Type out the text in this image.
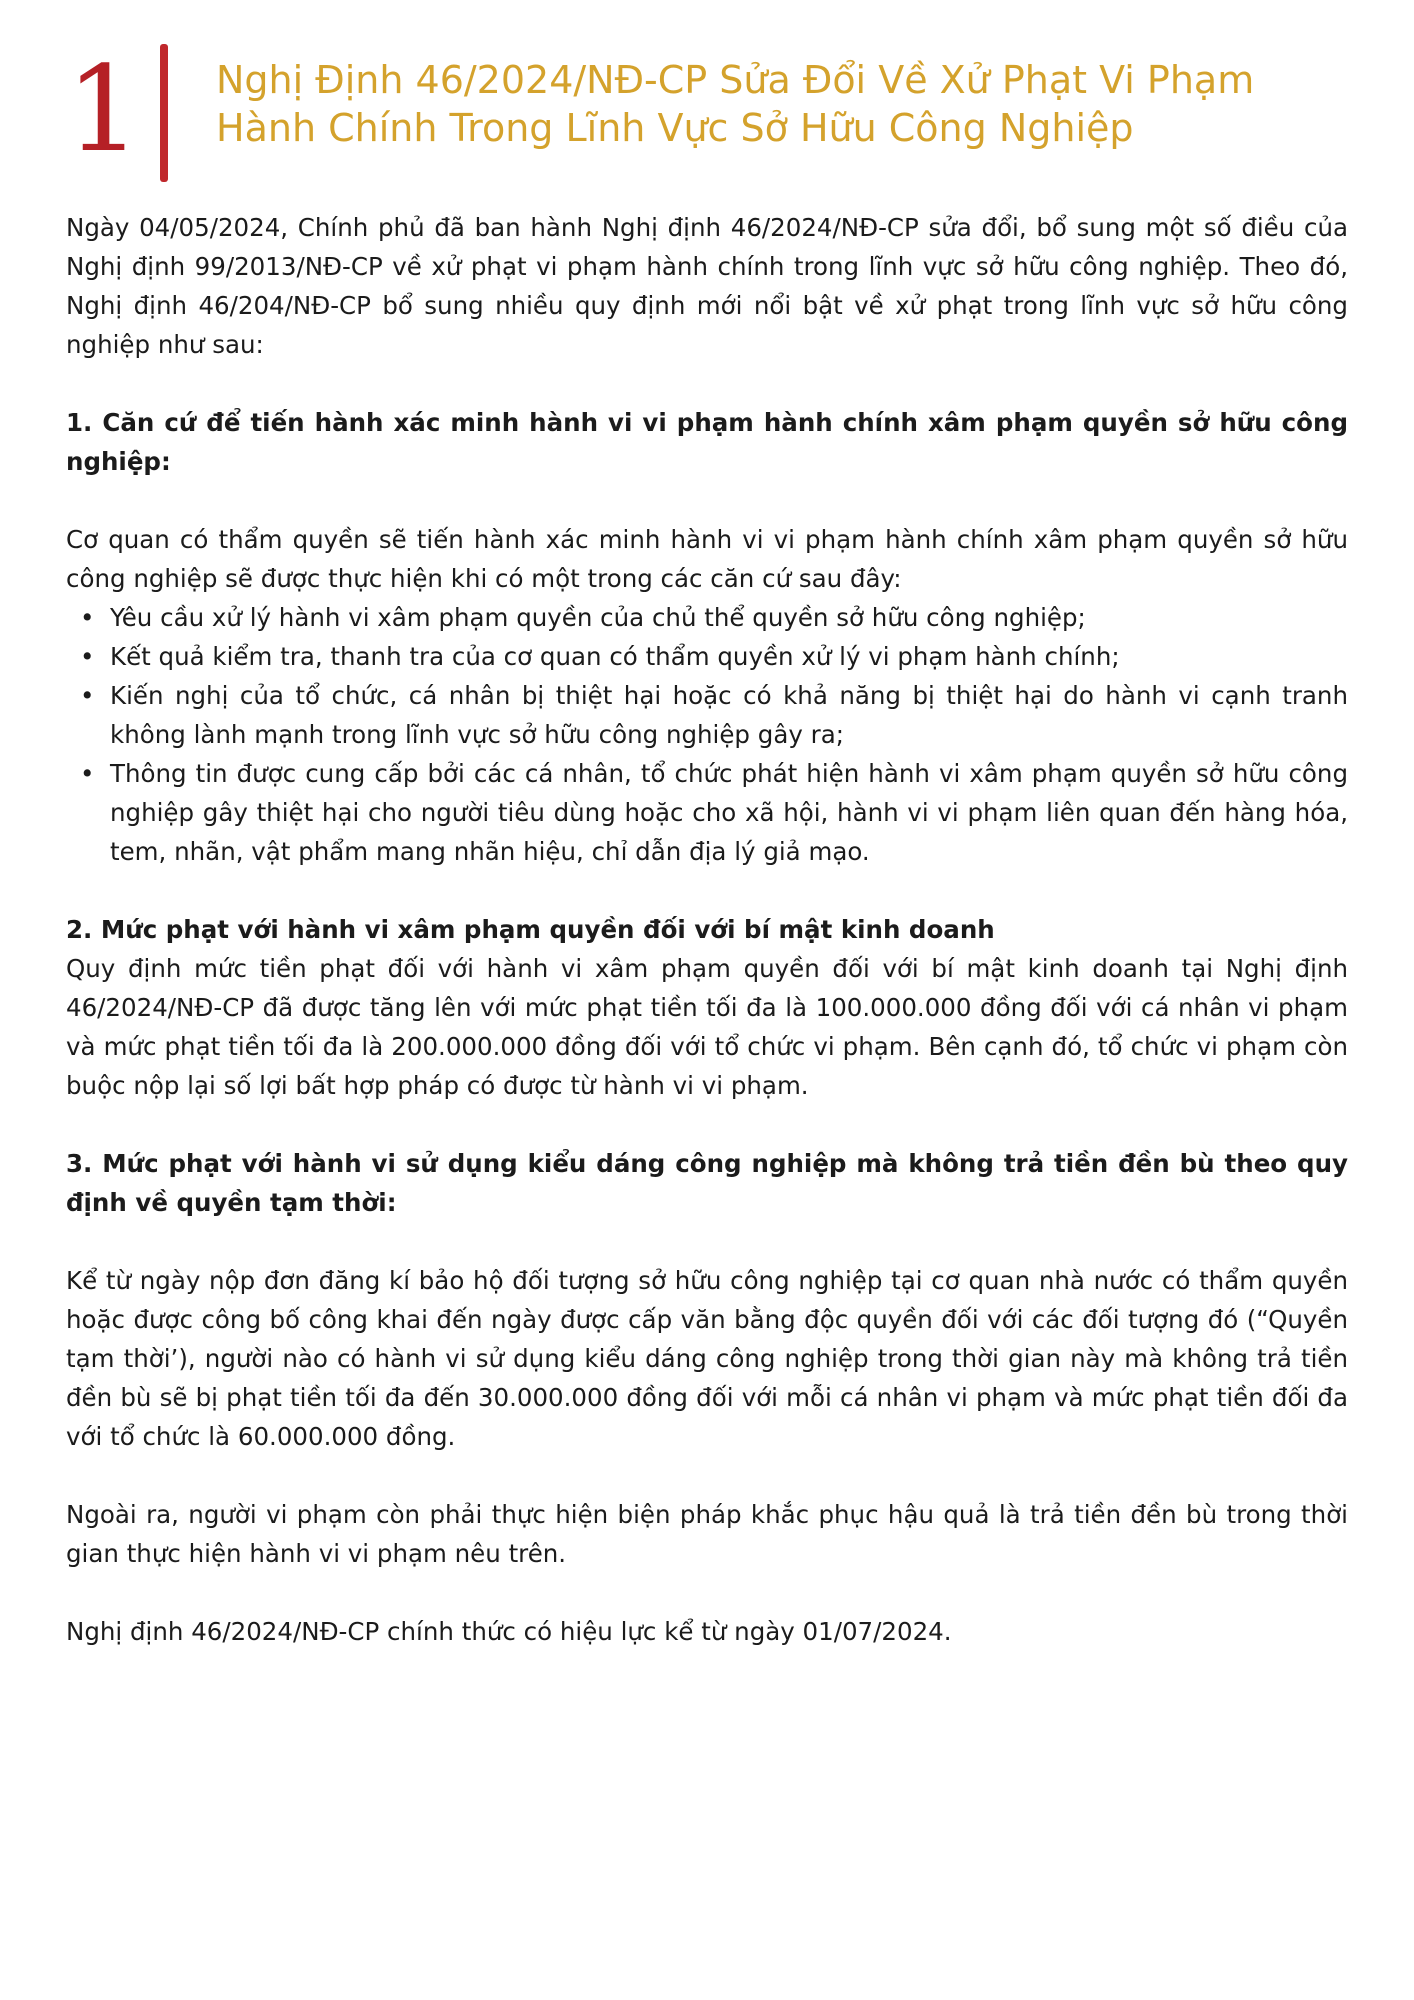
1 Nghị Định 46/2024/NĐ-CP Sửa Đổi Về Xử Phạt Vi Phạm
Hành Chính Trong Lĩnh Vực Sở Hữu Công Nghiệp

Ngày 04/05/2024, Chính phủ đã ban hành Nghị định 46/2024/NĐ-CP sửa đổi, bổ sung một số điều của Nghị định 99/2013/NĐ-CP về xử phạt vi phạm hành chính trong lĩnh vực sở hữu công nghiệp. Theo đó, Nghị định 46/204/NĐ-CP bổ sung nhiều quy định mới nổi bật về xử phạt trong lĩnh vực sở hữu công nghiệp như sau:

1. Căn cứ để tiến hành xác minh hành vi vi phạm hành chính xâm phạm quyền sở hữu công nghiệp:

Cơ quan có thẩm quyền sẽ tiến hành xác minh hành vi vi phạm hành chính xâm phạm quyền sở hữu công nghiệp sẽ được thực hiện khi có một trong các căn cứ sau đây:

• Yêu cầu xử lý hành vi xâm phạm quyền của chủ thể quyền sở hữu công nghiệp;
• Kết quả kiểm tra, thanh tra của cơ quan có thẩm quyền xử lý vi phạm hành chính;
• Kiến nghị của tổ chức, cá nhân bị thiệt hại hoặc có khả năng bị thiệt hại do hành vi cạnh tranh không lành mạnh trong lĩnh vực sở hữu công nghiệp gây ra;
• Thông tin được cung cấp bởi các cá nhân, tổ chức phát hiện hành vi xâm phạm quyền sở hữu công nghiệp gây thiệt hại cho người tiêu dùng hoặc cho xã hội, hành vi vi phạm liên quan đến hàng hóa, tem, nhãn, vật phẩm mang nhãn hiệu, chỉ dẫn địa lý giả mạo.

2. Mức phạt với hành vi xâm phạm quyền đối với bí mật kinh doanh

Quy định mức tiền phạt đối với hành vi xâm phạm quyền đối với bí mật kinh doanh tại Nghị định 46/2024/NĐ-CP đã được tăng lên với mức phạt tiền tối đa là 100.000.000 đồng đối với cá nhân vi phạm và mức phạt tiền tối đa là 200.000.000 đồng đối với tổ chức vi phạm. Bên cạnh đó, tổ chức vi phạm còn buộc nộp lại số lợi bất hợp pháp có được từ hành vi vi phạm.

3. Mức phạt với hành vi sử dụng kiểu dáng công nghiệp mà không trả tiền đền bù theo quy định về quyền tạm thời:

Kể từ ngày nộp đơn đăng kí bảo hộ đối tượng sở hữu công nghiệp tại cơ quan nhà nước có thẩm quyền hoặc được công bố công khai đến ngày được cấp văn bằng độc quyền đối với các đối tượng đó (“Quyền tạm thời’), người nào có hành vi sử dụng kiểu dáng công nghiệp trong thời gian này mà không trả tiền đền bù sẽ bị phạt tiền tối đa đến 30.000.000 đồng đối với mỗi cá nhân vi phạm và mức phạt tiền đối đa với tổ chức là 60.000.000 đồng.

Ngoài ra, người vi phạm còn phải thực hiện biện pháp khắc phục hậu quả là trả tiền đền bù trong thời gian thực hiện hành vi vi phạm nêu trên.

Nghị định 46/2024/NĐ-CP chính thức có hiệu lực kể từ ngày 01/07/2024.
